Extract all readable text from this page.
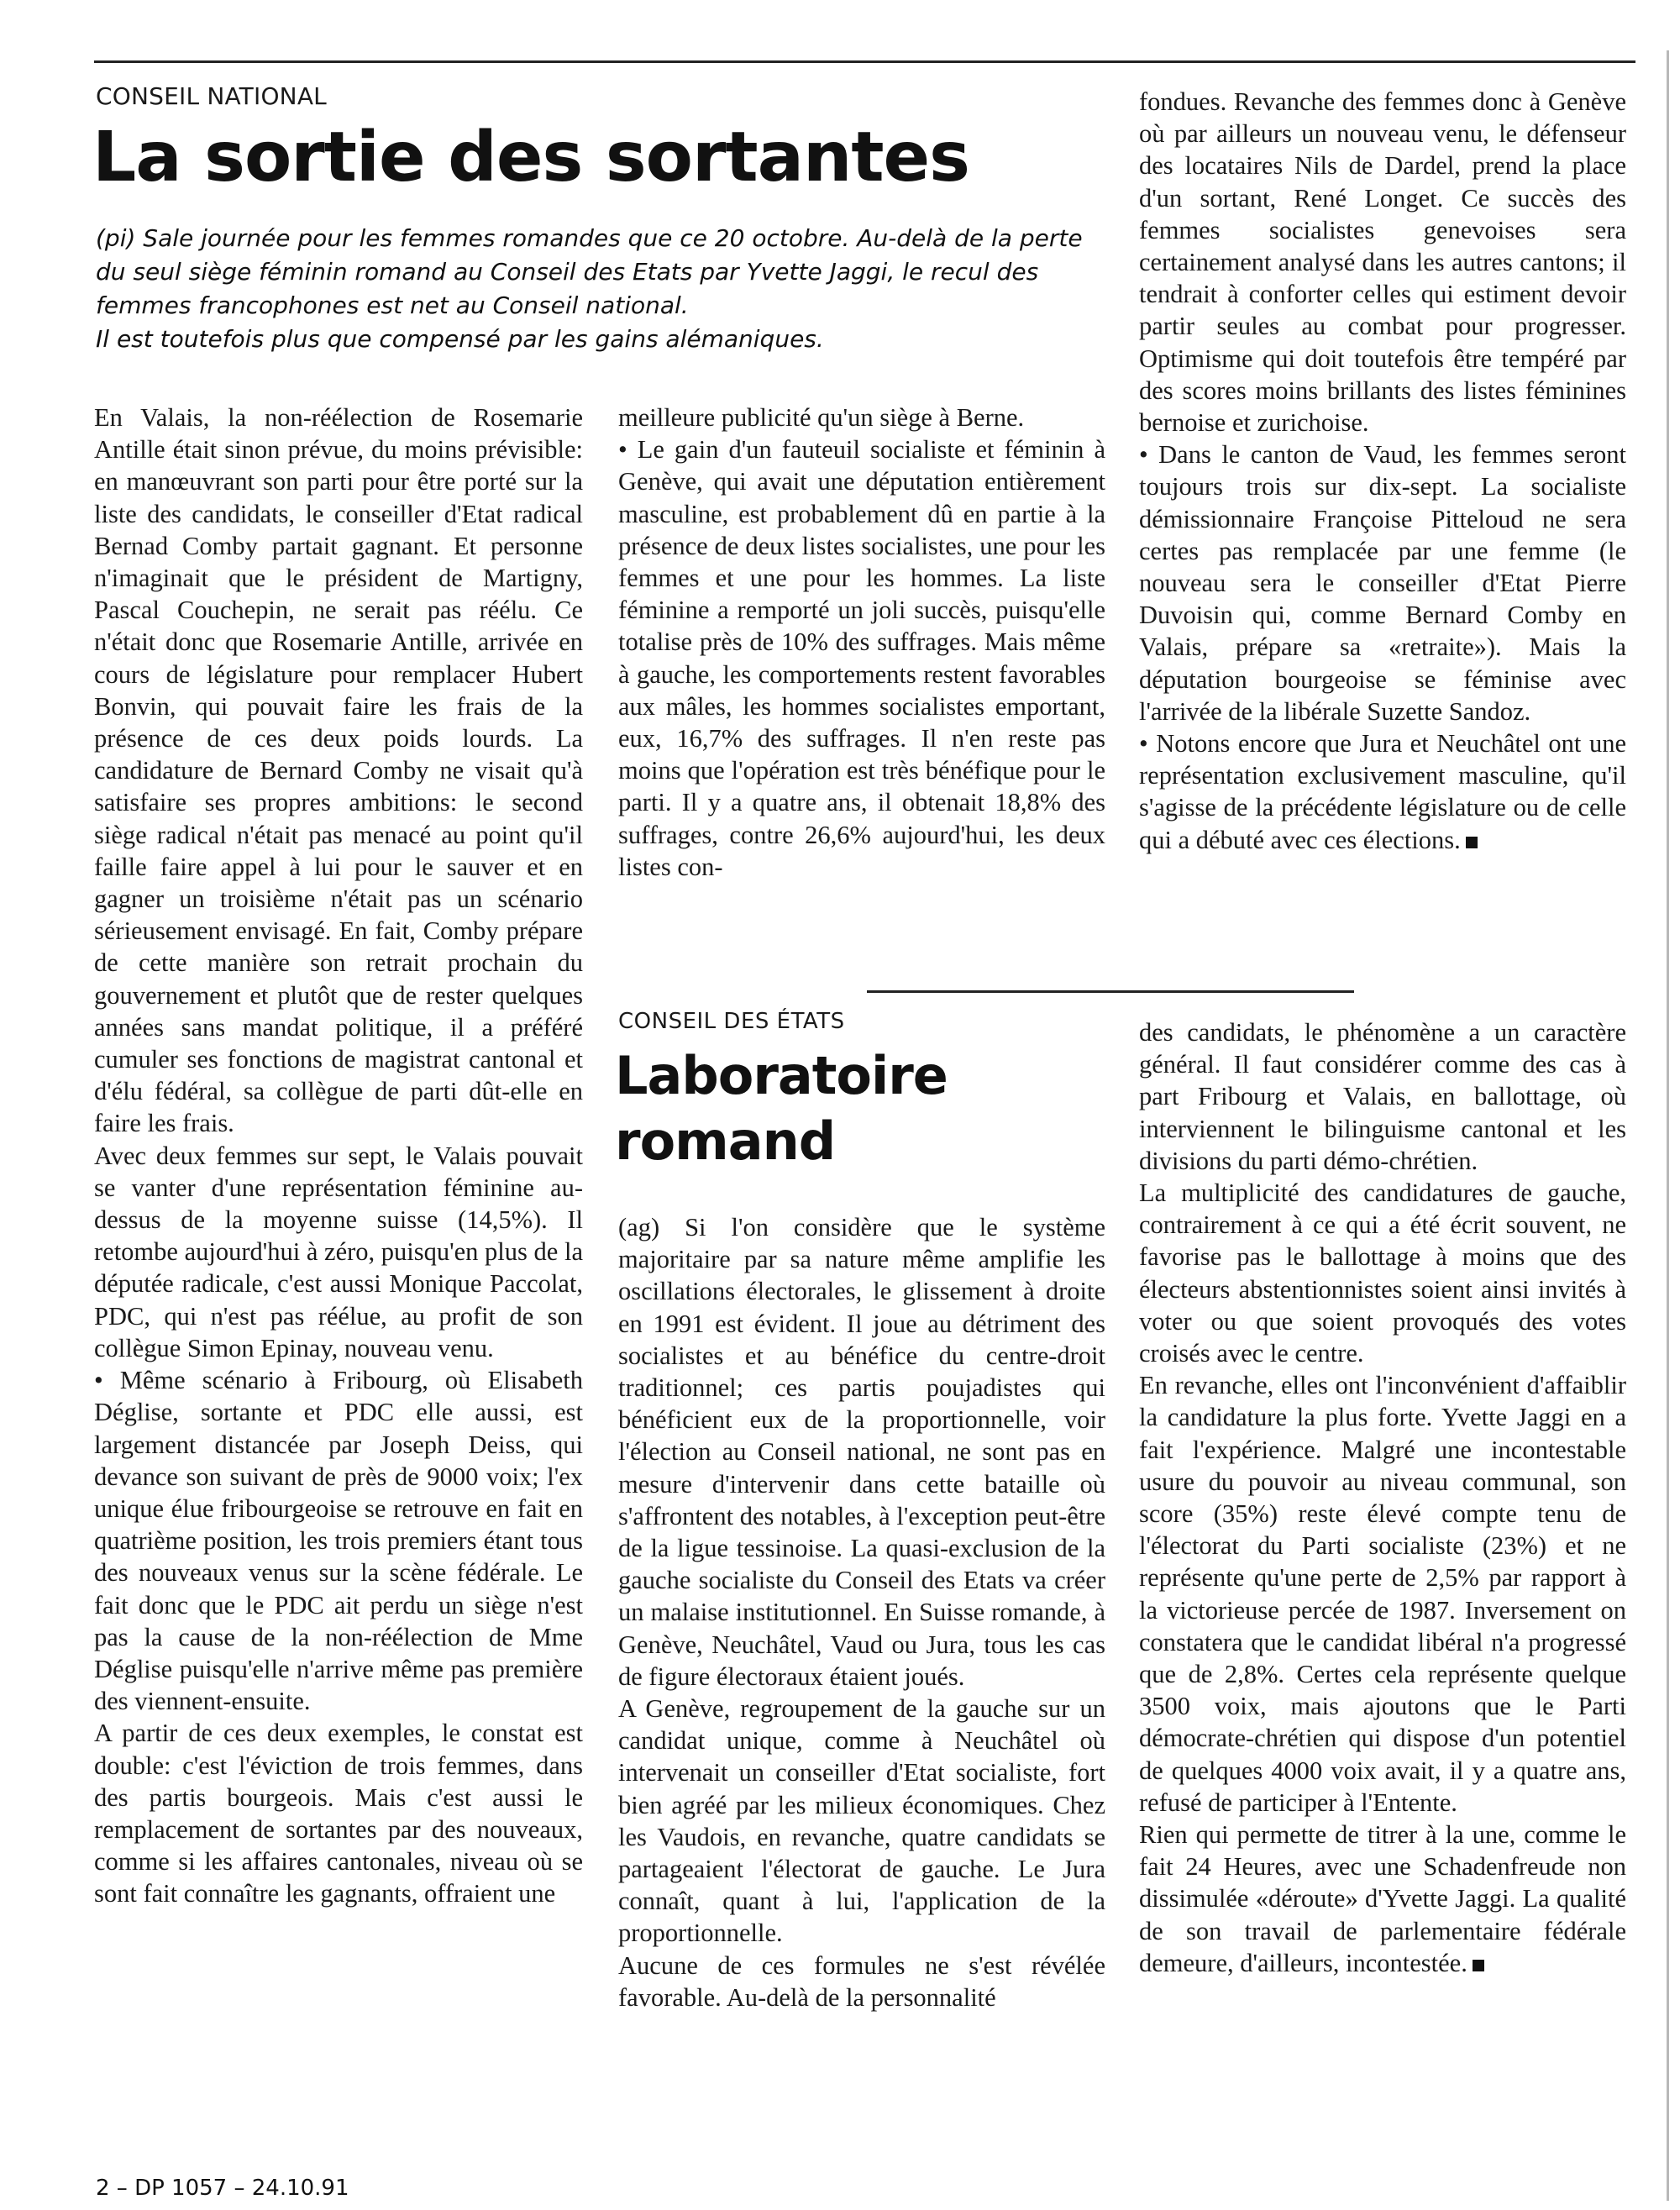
CONSEIL NATIONAL
La sortie des sortantes

(pi) Sale journée pour les femmes romandes que ce 20 octobre. Au-delà de la perte du seul siège féminin romand au Conseil des Etats par Yvette Jaggi, le recul des femmes francophones est net au Conseil national.

Il est toutefois plus que compensé par les gains alémaniques.

En Valais, la non-réélection de Rosemarie Antille était sinon prévue, du moins prévisible: en manœuvrant son parti pour être porté sur la liste des candidats, le conseiller d'Etat radical Bernad Comby partait gagnant. Et personne n'imaginait que le président de Martigny, Pascal Couchepin, ne serait pas réélu. Ce n'était donc que Rosemarie Antille, arrivée en cours de législature pour remplacer Hubert Bonvin, qui pouvait faire les frais de la présence de ces deux poids lourds. La candidature de Bernard Comby ne visait qu'à satisfaire ses propres ambitions: le second siège radical n'était pas menacé au point qu'il faille faire appel à lui pour le sauver et en gagner un troisième n'était pas un scénario sérieusement envisagé. En fait, Comby prépare de cette manière son retrait prochain du gouvernement et plutôt que de rester quelques années sans mandat politique, il a préféré cumuler ses fonctions de magistrat cantonal et d'élu fédéral, sa collègue de parti dût-elle en faire les frais.

Avec deux femmes sur sept, le Valais pouvait se vanter d'une représentation féminine au-dessus de la moyenne suisse (14,5%). Il retombe aujourd'hui à zéro, puisqu'en plus de la députée radicale, c'est aussi Monique Paccolat, PDC, qui n'est pas réélue, au profit de son collègue Simon Epinay, nouveau venu.

• Même scénario à Fribourg, où Elisabeth Déglise, sortante et PDC elle aussi, est largement distancée par Joseph Deiss, qui devance son suivant de près de 9000 voix; l'ex unique élue fribourgeoise se retrouve en fait en quatrième position, les trois premiers étant tous des nouveaux venus sur la scène fédérale. Le fait donc que le PDC ait perdu un siège n'est pas la cause de la non-réélection de Mme Déglise puisqu'elle n'arrive même pas première des viennent-ensuite.

A partir de ces deux exemples, le constat est double: c'est l'éviction de trois femmes, dans des partis bourgeois. Mais c'est aussi le remplacement de sortantes par des nouveaux, comme si les affaires cantonales, niveau où se sont fait connaître les gagnants, offraient une

meilleure publicité qu'un siège à Berne.

• Le gain d'un fauteuil socialiste et féminin à Genève, qui avait une députation entièrement masculine, est probablement dû en partie à la présence de deux listes socialistes, une pour les femmes et une pour les hommes. La liste féminine a remporté un joli succès, puisqu'elle totalise près de 10% des suffrages. Mais même à gauche, les comportements restent favorables aux mâles, les hommes socialistes emportant, eux, 16,7% des suffrages. Il n'en reste pas moins que l'opération est très bénéfique pour le parti. Il y a quatre ans, il obtenait 18,8% des suffrages, contre 26,6% aujourd'hui, les deux listes con-

fondues. Revanche des femmes donc à Genève où par ailleurs un nouveau venu, le défenseur des locataires Nils de Dardel, prend la place d'un sortant, René Longet. Ce succès des femmes socialistes genevoises sera certainement analysé dans les autres cantons; il tendrait à conforter celles qui estiment devoir partir seules au combat pour progresser. Optimisme qui doit toutefois être tempéré par des scores moins brillants des listes féminines bernoise et zurichoise.

• Dans le canton de Vaud, les femmes seront toujours trois sur dix-sept. La socialiste démissionnaire Françoise Pitteloud ne sera certes pas remplacée par une femme (le nouveau sera le conseiller d'Etat Pierre Duvoisin qui, comme Bernard Comby en Valais, prépare sa «retraite»). Mais la députation bourgeoise se féminise avec l'arrivée de la libérale Suzette Sandoz.

• Notons encore que Jura et Neuchâtel ont une représentation exclusivement masculine, qu'il s'agisse de la précédente législature ou de celle qui a débuté avec ces élections.

CONSEIL DES ÉTATS
Laboratoire romand

(ag) Si l'on considère que le système majoritaire par sa nature même amplifie les oscillations électorales, le glissement à droite en 1991 est évident. Il joue au détriment des socialistes et au bénéfice du centre-droit traditionnel; ces partis poujadistes qui bénéficient eux de la proportionnelle, voir l'élection au Conseil national, ne sont pas en mesure d'intervenir dans cette bataille où s'affrontent des notables, à l'exception peut-être de la ligue tessinoise. La quasi-exclusion de la gauche socialiste du Conseil des Etats va créer un malaise institutionnel. En Suisse romande, à Genève, Neuchâtel, Vaud ou Jura, tous les cas de figure électoraux étaient joués.

A Genève, regroupement de la gauche sur un candidat unique, comme à Neuchâtel où intervenait un conseiller d'Etat socialiste, fort bien agréé par les milieux économiques. Chez les Vaudois, en revanche, quatre candidats se partageaient l'électorat de gauche. Le Jura connaît, quant à lui, l'application de la proportionnelle.

Aucune de ces formules ne s'est révélée favorable. Au-delà de la personnalité

des candidats, le phénomène a un caractère général. Il faut considérer comme des cas à part Fribourg et Valais, en ballottage, où interviennent le bilinguisme cantonal et les divisions du parti démo-chrétien.

La multiplicité des candidatures de gauche, contrairement à ce qui a été écrit souvent, ne favorise pas le ballottage à moins que des électeurs abstentionnistes soient ainsi invités à voter ou que soient provoqués des votes croisés avec le centre.

En revanche, elles ont l'inconvénient d'affaiblir la candidature la plus forte. Yvette Jaggi en a fait l'expérience. Malgré une incontestable usure du pouvoir au niveau communal, son score (35%) reste élevé compte tenu de l'électorat du Parti socialiste (23%) et ne représente qu'une perte de 2,5% par rapport à la victorieuse percée de 1987. Inversement on constatera que le candidat libéral n'a progressé que de 2,8%. Certes cela représente quelque 3500 voix, mais ajoutons que le Parti démocrate-chrétien qui dispose d'un potentiel de quelques 4000 voix avait, il y a quatre ans, refusé de participer à l'Entente.

Rien qui permette de titrer à la une, comme le fait 24 Heures, avec une Schadenfreude non dissimulée «déroute» d'Yvette Jaggi. La qualité de son travail de parlementaire fédérale demeure, d'ailleurs, incontestée.

2 – DP 1057 – 24.10.91
